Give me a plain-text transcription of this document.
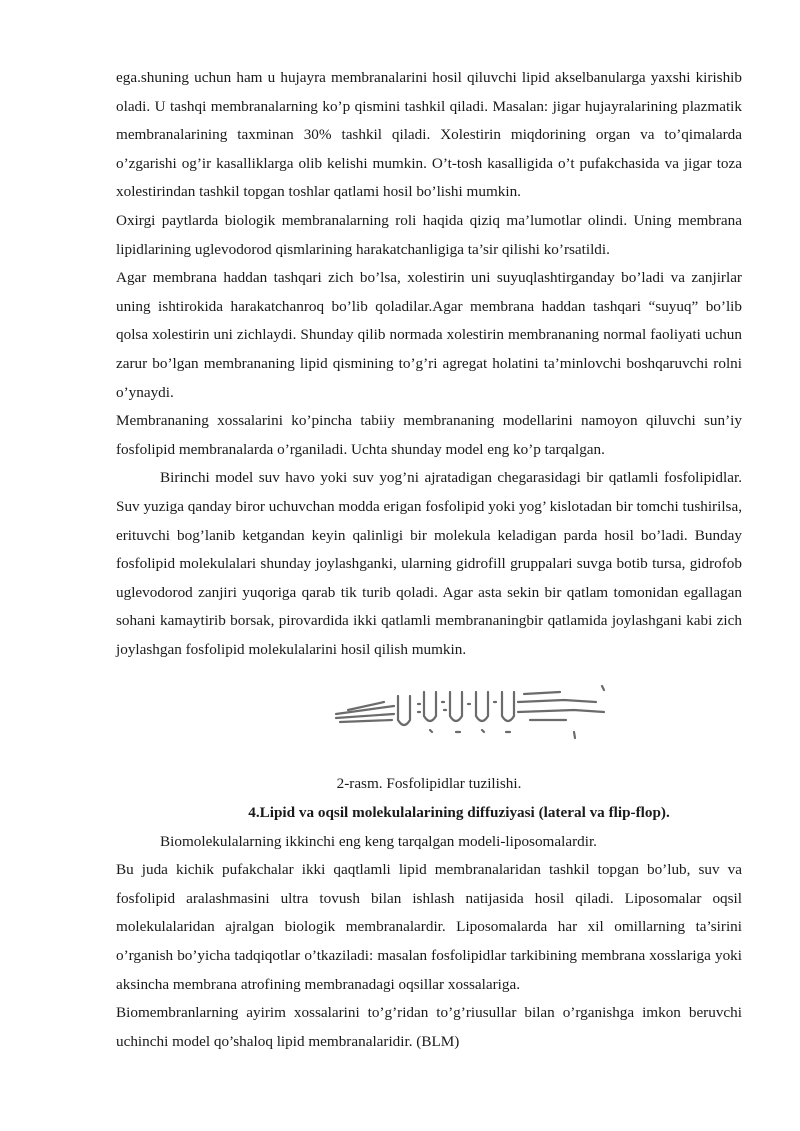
ega.shuning uchun ham u hujayra membranalarini hosil qiluvchi lipid akselbanularga yaxshi kirishib oladi. U tashqi membranalarning ko’p qismini tashkil qiladi. Masalan: jigar hujayralarining plazmatik membranalarining taxminan 30% tashkil qiladi. Xolestirin miqdorining organ va to’qimalarda o’zgarishi og’ir kasalliklarga olib kelishi mumkin. O’t-tosh kasalligida o’t pufakchasida va jigar toza xolestirindan tashkil topgan toshlar qatlami hosil bo’lishi mumkin.

Oxirgi paytlarda biologik membranalarning roli haqida qiziq ma’lumotlar olindi. Uning membrana lipidlarining uglevodorod qismlarining harakatchanligiga ta’sir qilishi ko’rsatildi.

Agar membrana haddan tashqari zich bo’lsa, xolestirin uni suyuqlashtirganday bo’ladi va zanjirlar uning ishtirokida harakatchanroq bo’lib qoladilar.Agar membrana haddan tashqari “suyuq” bo’lib qolsa xolestirin uni zichlaydi. Shunday qilib normada xolestirin membrananing normal faoliyati uchun zarur bo’lgan membrananing lipid qismining to’g’ri agregat holatini ta’minlovchi boshqaruvchi rolni o’ynaydi.

Membrananing xossalarini ko’pincha tabiiy membrananing modellarini namoyon qiluvchi sun’iy fosfolipid membranalarda o’rganiladi. Uchta shunday model eng ko’p tarqalgan.

Birinchi model suv havo yoki suv yog’ni ajratadigan chegarasidagi bir qatlamli fosfolipidlar. Suv yuziga qanday biror uchuvchan modda erigan fosfolipid yoki yog’ kislotadan bir tomchi tushirilsa, erituvchi bog’lanib ketgandan keyin qalinligi bir molekula keladigan parda hosil bo’ladi. Bunday fosfolipid molekulalari shunday joylashganki, ularning gidrofill gruppalari suvga botib tursa, gidrofob uglevodorod zanjiri yuqoriga qarab tik turib qoladi. Agar asta sekin bir qatlam tomonidan egallagan sohani kamaytirib borsak, pirovardida ikki qatlamli membrananingbir qatlamida joylashgani kabi zich joylashgan fosfolipid molekulalarini hosil qilish mumkin.

2-rasm. Fosfolipidlar tuzilishi.

4.Lipid va oqsil molekulalarining diffuziyasi (lateral va flip-flop).

Biomolekulalarning ikkinchi eng keng tarqalgan modeli-liposomalardir.

Bu juda kichik pufakchalar ikki qaqtlamli lipid membranalaridan tashkil topgan bo’lub, suv va fosfolipid aralashmasini ultra tovush bilan ishlash natijasida hosil qiladi. Liposomalar oqsil molekulalaridan ajralgan biologik membranalardir. Liposomalarda har xil omillarning ta’sirini o’rganish bo’yicha tadqiqotlar o’tkaziladi: masalan fosfolipidlar tarkibining membrana xosslariga yoki aksincha membrana atrofining membranadagi oqsillar xossalariga.

Biomembranlarning ayirim xossalarini to’g’ridan to’g’riusullar bilan o’rganishga imkon beruvchi uchinchi model qo’shaloq lipid membranalaridir. (BLM)
